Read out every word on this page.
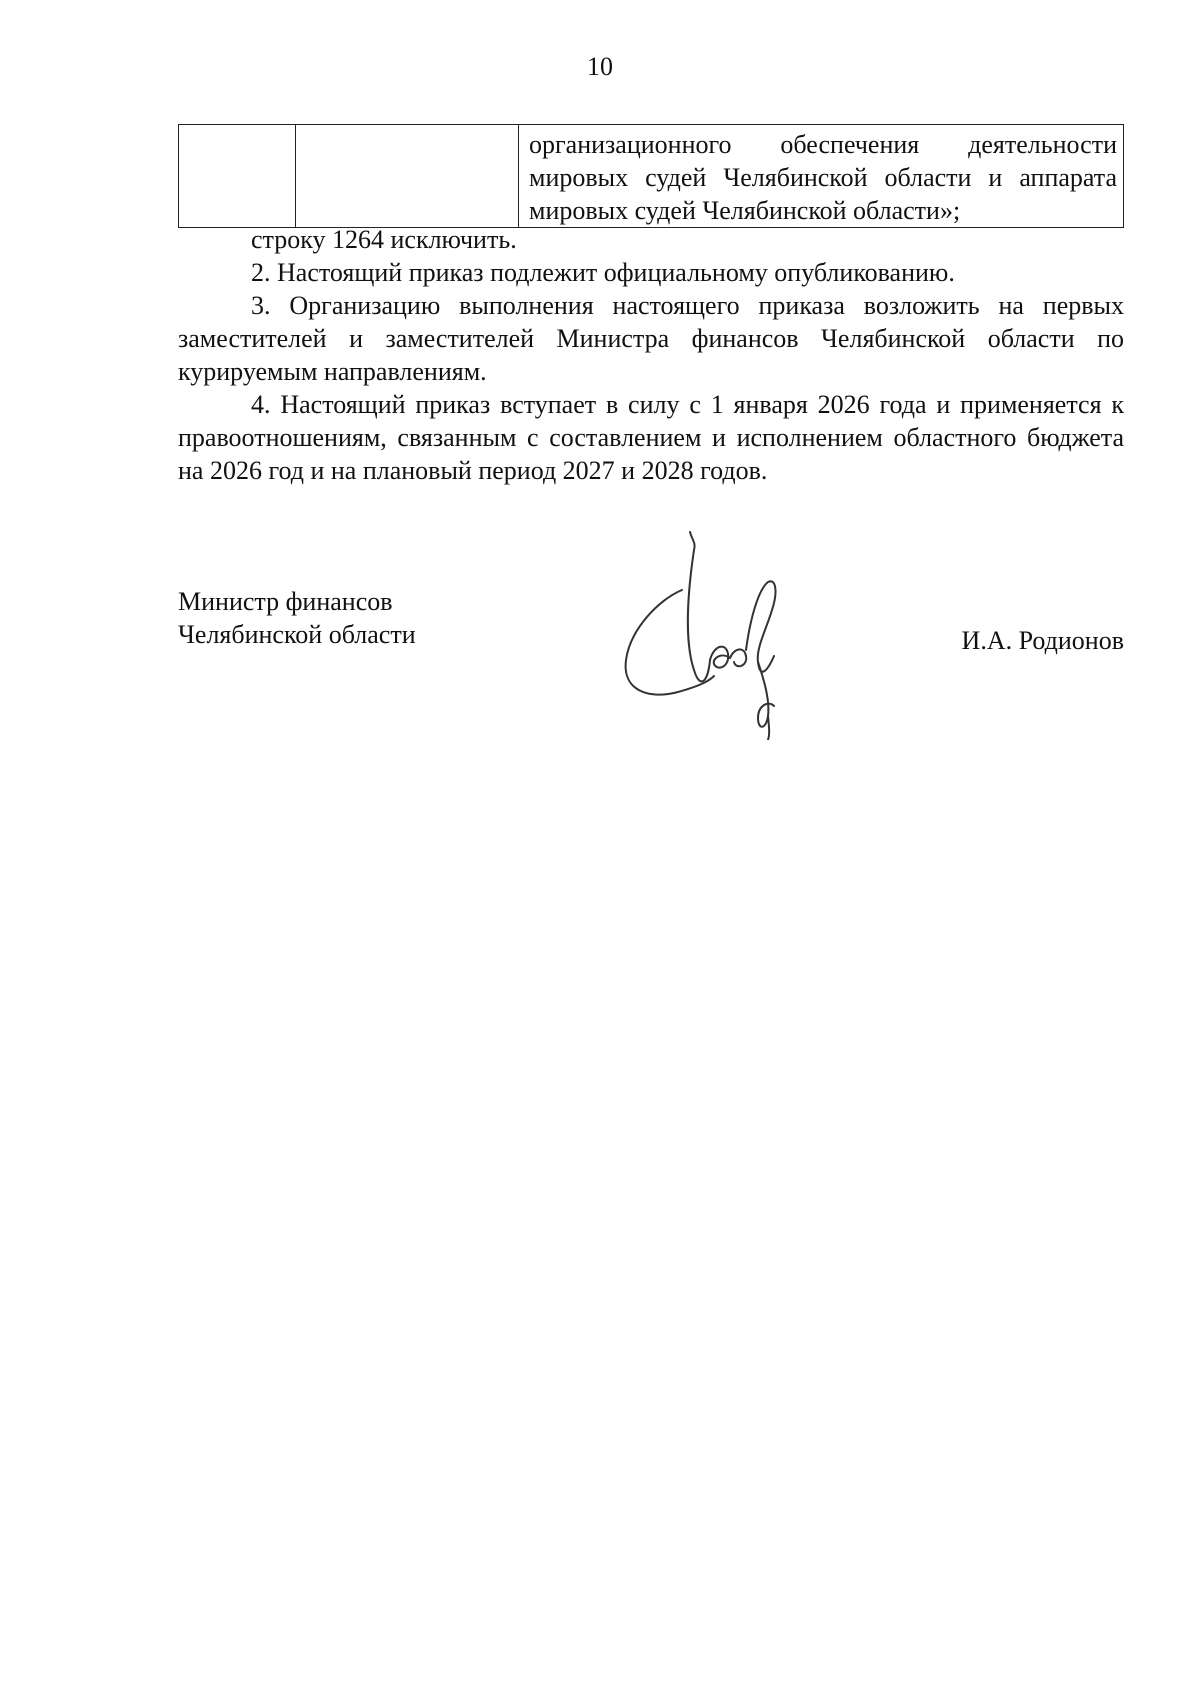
10
		организационного обеспечения деятельности мировых судей Челябинской области и аппарата мировых судей Челябинской области»;

строку 1264 исключить.

2. Настоящий приказ подлежит официальному опубликованию.

3. Организацию выполнения настоящего приказа возложить на первых заместителей и заместителей Министра финансов Челябинской области по курируемым направлениям.

4. Настоящий приказ вступает в силу с 1 января 2026 года и применяется к правоотношениям, связанным с составлением и исполнением областного бюджета на 2026 год и на плановый период 2027 и 2028 годов.

Министр финансов
Челябинской области	И.А. Родионов
